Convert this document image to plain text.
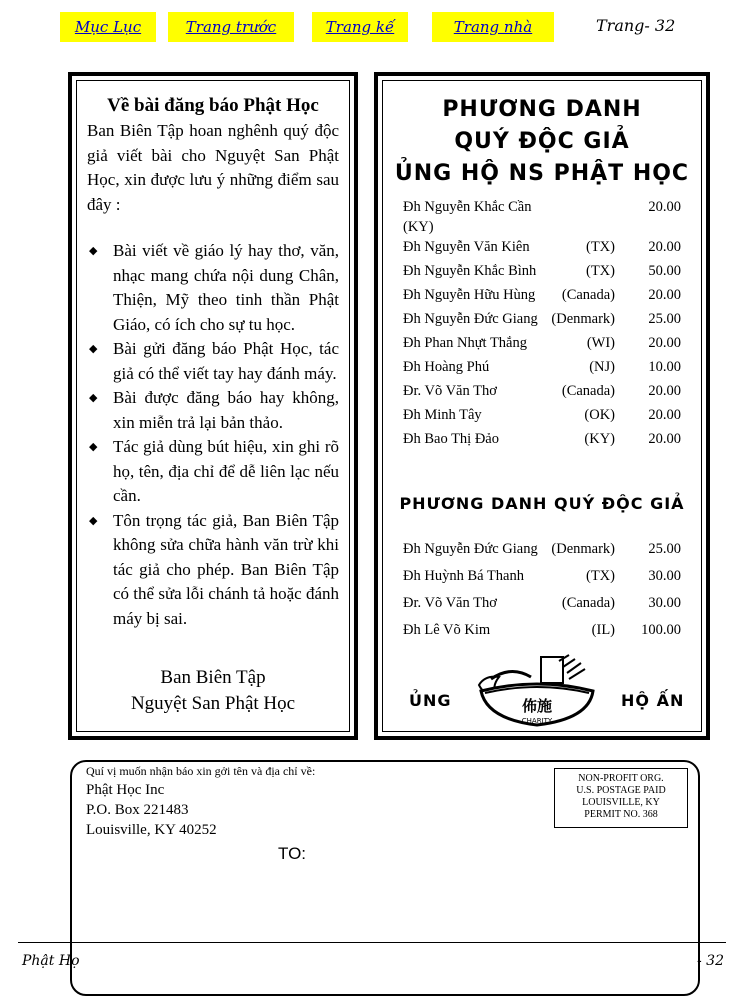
Mục Lục	Trang trước	Trang kế	Trang nhà	Trang- 32
Về bài đăng báo Phật Học
Ban Biên Tập hoan nghênh quý độc giả viết bài cho Nguyệt San Phật Học, xin được lưu ý những điểm sau đây :
◆ Bài viết về giáo lý hay thơ, văn, nhạc mang chứa nội dung Chân, Thiện, Mỹ theo tinh thần Phật Giáo, có ích cho sự tu học.
◆ Bài gửi đăng báo Phật Học, tác giả có thể viết tay hay đánh máy.
◆ Bài được đăng báo hay không, xin miễn trả lại bản thảo.
◆ Tác giả dùng bút hiệu, xin ghi rõ họ, tên, địa chỉ để dễ liên lạc nếu cần.
◆ Tôn trọng tác giả, Ban Biên Tập không sửa chữa hành văn trừ khi tác giả cho phép. Ban Biên Tập có thể sửa lỗi chánh tả hoặc đánh máy bị sai.
Ban Biên Tập
Nguyệt San Phật Học
PHƯƠNG DANH
QUÝ ĐỘC GIẢ
ỦNG HỘ NS PHẬT HỌC
Đh Nguyễn Khắc Cần	20.00
(KY)
Đh Nguyễn Văn Kiên	(TX) 20.00
Đh Nguyễn Khắc Bình	(TX) 50.00
Đh Nguyễn Hữu Hùng (Canada) 20.00
Đh Nguyễn Đức Giang (Denmark) 25.00
Đh Phan Nhựt Thắng	(WI) 20.00
Đh Hoàng Phú	(NJ) 10.00
Đr. Võ Văn Thơ	(Canada) 20.00
Đh Minh Tây	(OK) 20.00
Đh Bao Thị Đảo	(KY) 20.00
PHƯƠNG DANH QUÝ ĐỘC GIẢ
Đh Nguyễn Đức Giang (Denmark) 25.00
Đh Huỳnh Bá Thanh	(TX) 30.00
Đr. Võ Văn Thơ	(Canada) 30.00
Đh Lê Võ Kim	(IL) 100.00
ỦNG	佈施
CHARITY
HỘ ẤN
Quí vị muốn nhận báo xin gởi tên và địa chỉ về:
Phật Học Inc
P.O. Box 221483
Louisville, KY 40252
TO:
NON-PROFIT ORG.
U.S. POSTAGE PAID
LOUISVILLE, KY
PERMIT NO. 368
Phật Họ	- 32
